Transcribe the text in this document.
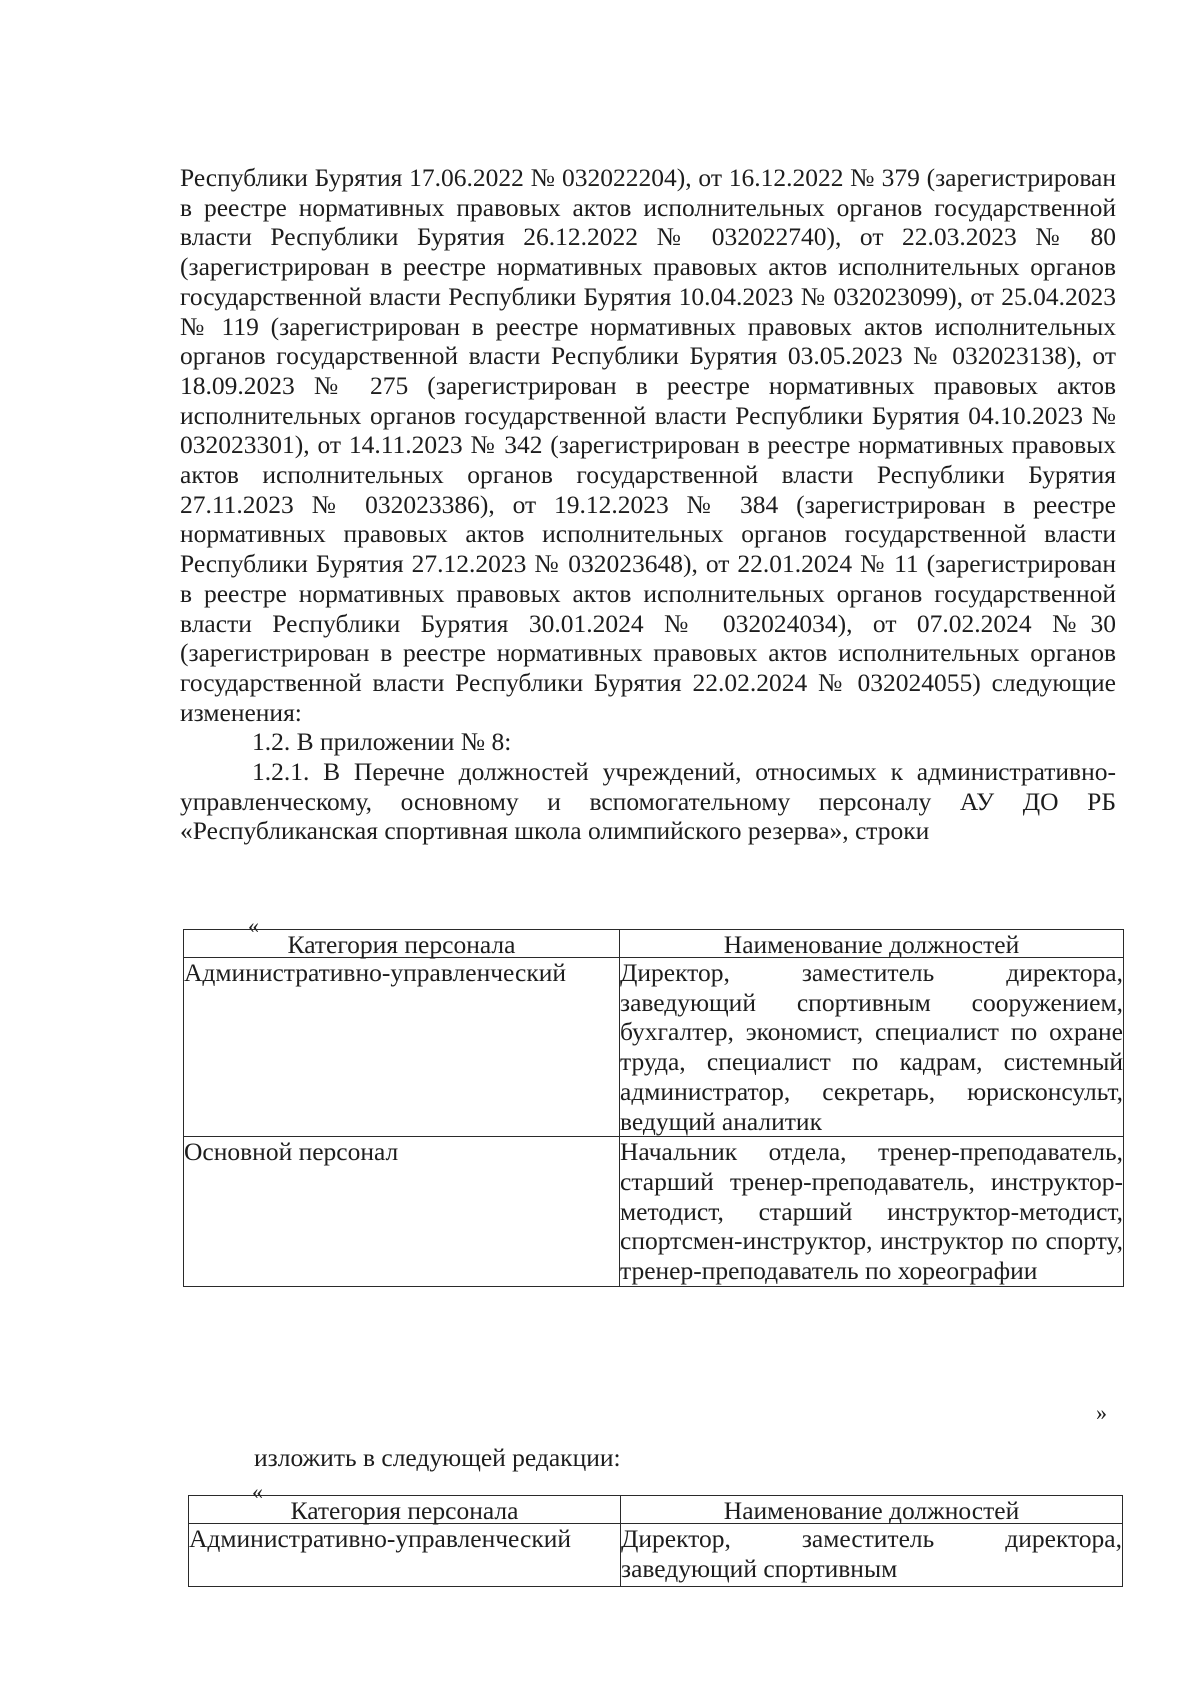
Республики Бурятия 17.06.2022 № 032022204), от 16.12.2022 № 379 (зарегистрирован в реестре нормативных правовых актов исполнительных органов государственной власти Республики Бурятия 26.12.2022 № 032022740), от 22.03.2023 № 80 (зарегистрирован в реестре нормативных правовых актов исполнительных органов государственной власти Республики Бурятия 10.04.2023 № 032023099), от 25.04.2023 № 119 (зарегистрирован в реестре нормативных правовых актов исполнительных органов государственной власти Республики Бурятия 03.05.2023 № 032023138), от 18.09.2023 № 275 (зарегистрирован в реестре нормативных правовых актов исполнительных органов государственной власти Республики Бурятия 04.10.2023 № 032023301), от 14.11.2023 № 342 (зарегистрирован в реестре нормативных правовых актов исполнительных органов государственной власти Республики Бурятия 27.11.2023 № 032023386), от 19.12.2023 № 384 (зарегистрирован в реестре нормативных правовых актов исполнительных органов государственной власти Республики Бурятия 27.12.2023 № 032023648), от 22.01.2024 № 11 (зарегистрирован в реестре нормативных правовых актов исполнительных органов государственной власти Республики Бурятия 30.01.2024 № 032024034), от 07.02.2024 №30 (зарегистрирован в реестре нормативных правовых актов исполнительных органов государственной власти Республики Бурятия 22.02.2024 № 032024055) следующие изменения:

1.2. В приложении № 8:

1.2.1. В Перечне должностей учреждений, относимых к административно-управленческому, основному и вспомогательному персоналу АУ ДО РБ «Республиканская спортивная школа олимпийского резерва», строки

«
Категория персонала	Наименование должностей
Административно-управленческий	Директор, заместитель директора, заведующий спортивным сооружением, бухгалтер, экономист, специалист по охране труда, специалист по кадрам, системный администратор, секретарь, юрисконсульт, ведущий аналитик
Основной персонал	Начальник отдела, тренер-преподаватель, старший тренер-преподаватель, инструктор-методист, старший инструктор-методист, спортсмен-инструктор, инструктор по спорту, тренер-преподаватель по хореографии
»
изложить в следующей редакции:
«
Категория персонала	Наименование должностей
Административно-управленческий	Директор, заместитель директора, заведующий спортивным
